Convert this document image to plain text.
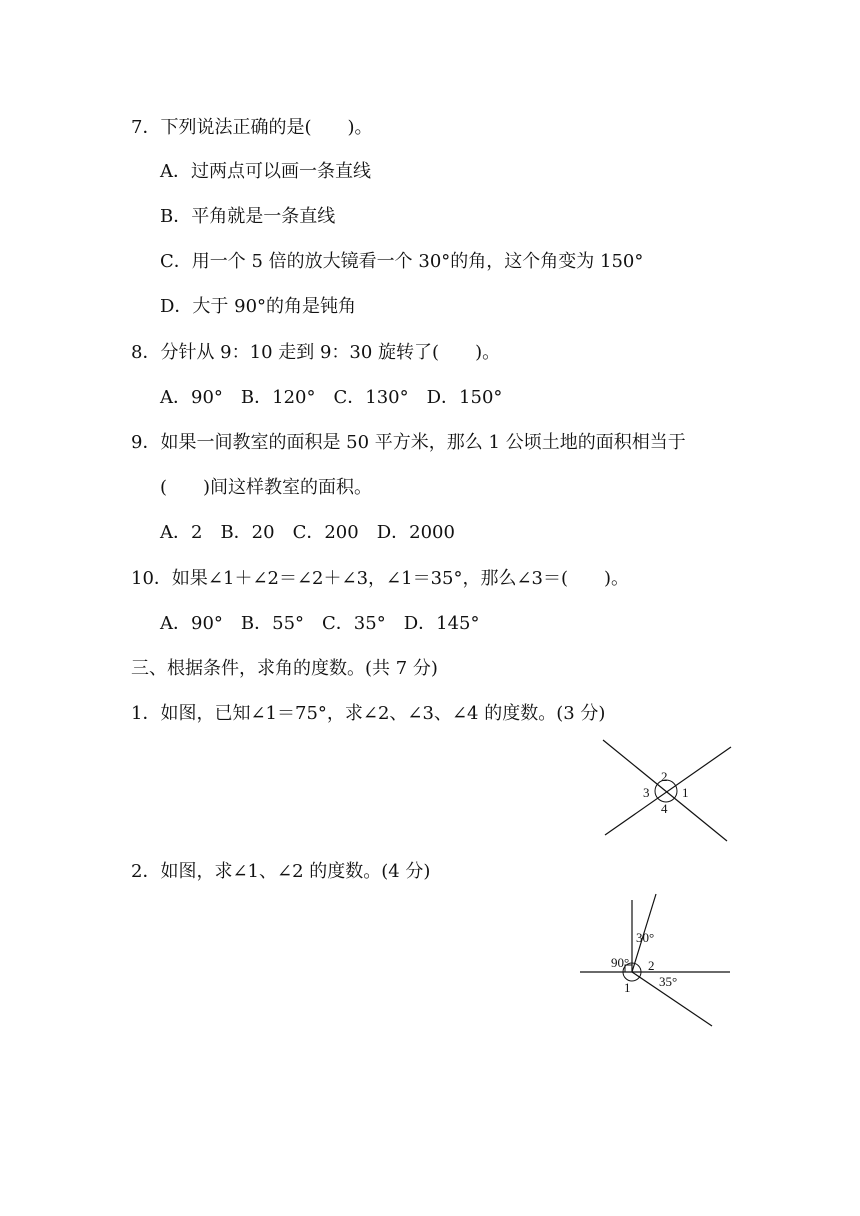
7．下列说法正确的是(　　)。
A．过两点可以画一条直线
B．平角就是一条直线
C．用一个 5 倍的放大镜看一个 30°的角，这个角变为 150°
D．大于 90°的角是钝角
8．分针从 9：10 走到 9：30 旋转了(　　)。
A．90°　B．120°　C．130°　D．150°
9．如果一间教室的面积是 50 平方米，那么 1 公顷土地的面积相当于
(　　)间这样教室的面积。
A．2　B．20　C．200　D．2000
10．如果∠1＋∠2＝∠2＋∠3，∠1＝35°，那么∠3＝(　　)。
A．90°　B．55°　C．35°　D．145°
三、根据条件，求角的度数。(共 7 分)
1．如图，已知∠1＝75°，求∠2、∠3、∠4 的度数。(3 分)
2
3	1
4
2．如图，求∠1、∠2 的度数。(4 分)
30°
90° 2
35°
1
